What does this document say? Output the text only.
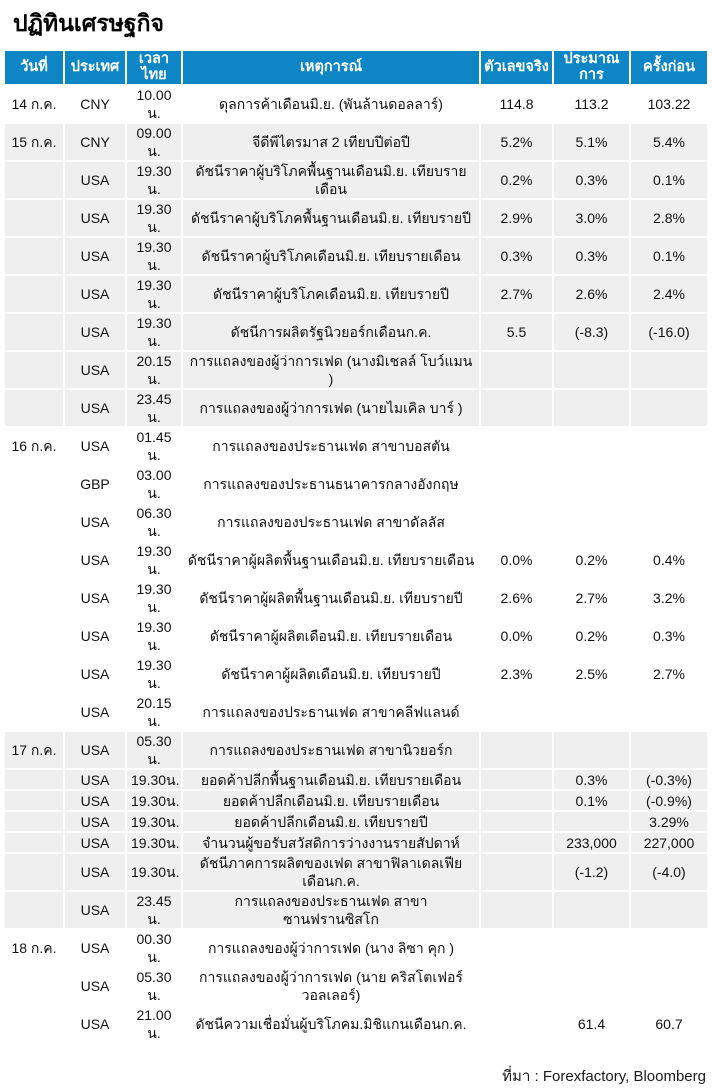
ปฏิทินเศรษฐกิจ
วันที่	ประเทศ	เวลาไทย	เหตุการณ์	ตัวเลขจริง	ประมาณการ	ครั้งก่อน
14 ก.ค.	CNY	10.00 น.	ดุลการค้าเดือนมิ.ย. (พันล้านดอลลาร์)	114.8	113.2	103.22
15 ก.ค.	CNY	09.00 น.	จีดีพีไตรมาส 2 เทียบปีต่อปี	5.2%	5.1%	5.4%
	USA	19.30 น.	ดัชนีราคาผู้บริโภคพื้นฐานเดือนมิ.ย. เทียบรายเดือน	0.2%	0.3%	0.1%
	USA	19.30 น.	ดัชนีราคาผู้บริโภคพื้นฐานเดือนมิ.ย. เทียบรายปี	2.9%	3.0%	2.8%
	USA	19.30 น.	ดัชนีราคาผู้บริโภคเดือนมิ.ย. เทียบรายเดือน	0.3%	0.3%	0.1%
	USA	19.30 น.	ดัชนีราคาผู้บริโภคเดือนมิ.ย. เทียบรายปี	2.7%	2.6%	2.4%
	USA	19.30 น.	ดัชนีการผลิตรัฐนิวยอร์กเดือนก.ค.	5.5	(-8.3)	(-16.0)
	USA	20.15 น.	การแถลงของผู้ว่าการเฟด (นางมิเชลล์ โบว์แมน )			
	USA	23.45 น.	การแถลงของผู้ว่าการเฟด (นายไมเคิล บาร์ )			
16 ก.ค.	USA	01.45 น.	การแถลงของประธานเฟด สาขาบอสตัน			
	GBP	03.00 น.	การแถลงของประธานธนาคารกลางอังกฤษ			
	USA	06.30 น.	การแถลงของประธานเฟด สาขาดัลลัส			
	USA	19.30 น.	ดัชนีราคาผู้ผลิตพื้นฐานเดือนมิ.ย. เทียบรายเดือน	0.0%	0.2%	0.4%
	USA	19.30 น.	ดัชนีราคาผู้ผลิตพื้นฐานเดือนมิ.ย. เทียบรายปี	2.6%	2.7%	3.2%
	USA	19.30 น.	ดัชนีราคาผู้ผลิตเดือนมิ.ย. เทียบรายเดือน	0.0%	0.2%	0.3%
	USA	19.30 น.	ดัชนีราคาผู้ผลิตเดือนมิ.ย. เทียบรายปี	2.3%	2.5%	2.7%
	USA	20.15 น.	การแถลงของประธานเฟด สาขาคลีฟแลนด์			
17 ก.ค.	USA	05.30 น.	การแถลงของประธานเฟด สาขานิวยอร์ก			
	USA	19.30น.	ยอดค้าปลีกพื้นฐานเดือนมิ.ย. เทียบรายเดือน		0.3%	(-0.3%)
	USA	19.30น.	ยอดค้าปลีกเดือนมิ.ย. เทียบรายเดือน		0.1%	(-0.9%)
	USA	19.30น.	ยอดค้าปลีกเดือนมิ.ย. เทียบรายปี			3.29%
	USA	19.30น.	จำนวนผู้ขอรับสวัสดิการว่างงานรายสัปดาห์		233,000	227,000
	USA	19.30น.	ดัชนีภาคการผลิตของเฟด สาขาฟิลาเดลเฟียเดือนก.ค.		(-1.2)	(-4.0)
	USA	23.45 น.	การแถลงของประธานเฟด สาขาซานฟรานซิสโก			
18 ก.ค.	USA	00.30 น.	การแถลงของผู้ว่าการเฟด (นาง ลิซา คุก )			
	USA	05.30 น.	การแถลงของผู้ว่าการเฟด (นาย คริสโตเฟอร์ วอลเลอร์)			
	USA	21.00 น.	ดัชนีความเชื่อมั่นผู้บริโภคม.มิชิแกนเดือนก.ค.		61.4	60.7
ที่มา : Forexfactory, Bloomberg
